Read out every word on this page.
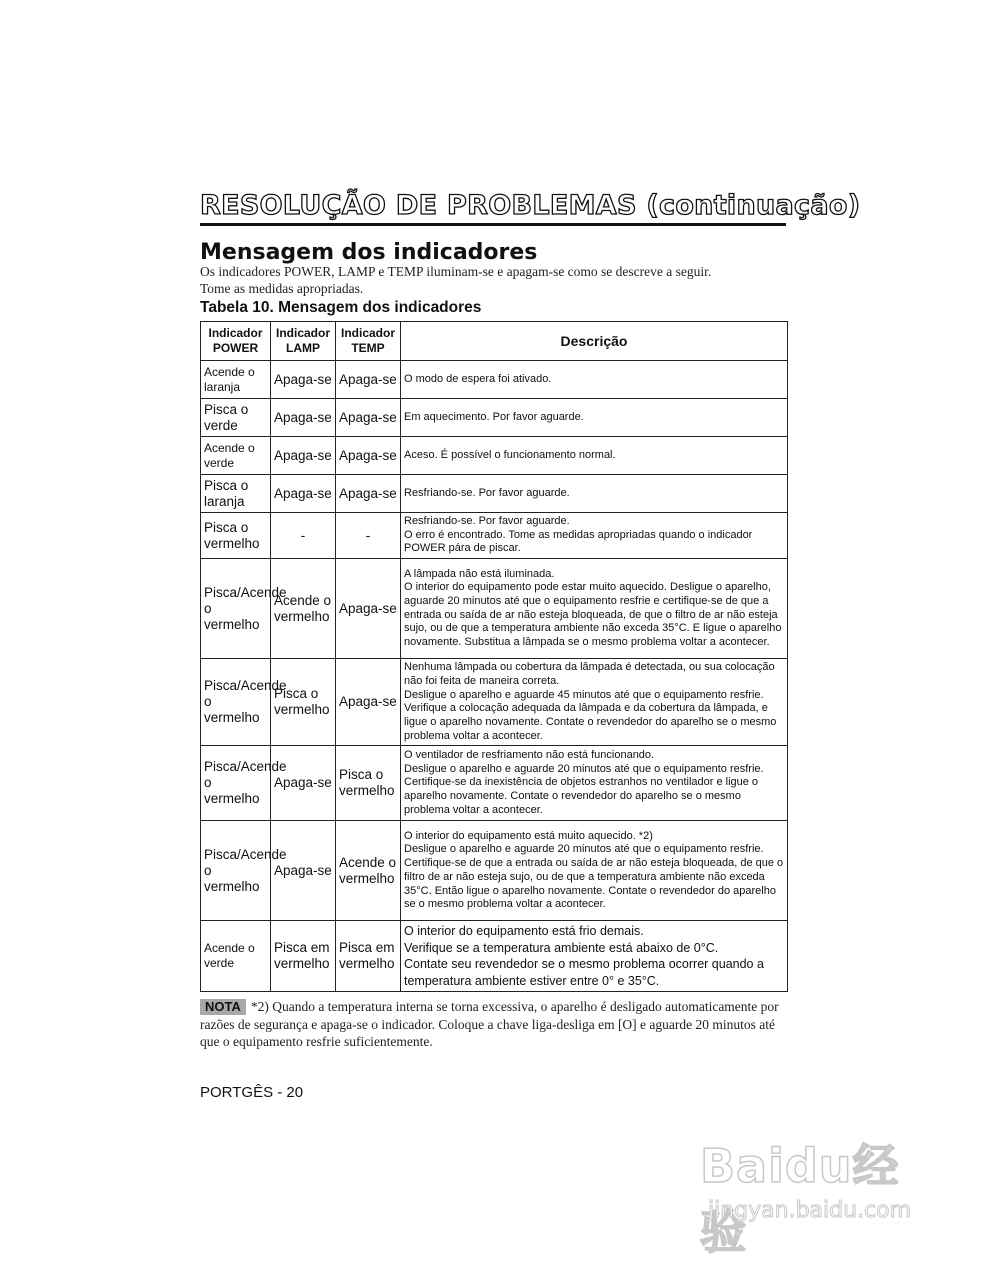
RESOLUÇÃO DE PROBLEMAS (continuação)
Mensagem dos indicadores

Os indicadores POWER, LAMP e TEMP iluminam-se e apagam-se como se descreve a seguir.

Tome as medidas apropriadas.

Tabela 10. Mensagem dos indicadores
Indicador POWER	Indicador LAMP	Indicador TEMP	Descrição
Acende o laranja	Apaga-se	Apaga-se	O modo de espera foi ativado.
Pisca o verde	Apaga-se	Apaga-se	Em aquecimento. Por favor aguarde.
Acende o verde	Apaga-se	Apaga-se	Aceso. É possível o funcionamento normal.
Pisca o laranja	Apaga-se	Apaga-se	Resfriando-se. Por favor aguarde.
Pisca o vermelho	-	-	Resfriando-se. Por favor aguarde.
O erro é encontrado. Tome as medidas apropriadas quando o indicador POWER pára de piscar.
Pisca/Acende o vermelho	Acende o vermelho	Apaga-se	A lâmpada não está iluminada.
O interior do equipamento pode estar muito aquecido. Desligue o aparelho, aguarde 20 minutos até que o equipamento resfrie e certifique-se de que a entrada ou saída de ar não esteja bloqueada, de que o filtro de ar não esteja sujo, ou de que a temperatura ambiente não exceda 35°C. E ligue o aparelho novamente. Substitua a lâmpada se o mesmo problema voltar a acontecer.
Pisca/Acende o vermelho	Pisca o vermelho	Apaga-se	Nenhuma lâmpada ou cobertura da lâmpada é detectada, ou sua colocação não foi feita de maneira correta.
Desligue o aparelho e aguarde 45 minutos até que o equipamento resfrie. Verifique a colocação adequada da lâmpada e da cobertura da lâmpada, e ligue o aparelho novamente. Contate o revendedor do aparelho se o mesmo problema voltar a acontecer.
Pisca/Acende o vermelho	Apaga-se	Pisca o vermelho	O ventilador de resfriamento não está funcionando.
Desligue o aparelho e aguarde 20 minutos até que o equipamento resfrie. Certifique-se da inexistência de objetos estranhos no ventilador e ligue o aparelho novamente. Contate o revendedor do aparelho se o mesmo problema voltar a acontecer.
Pisca/Acende o vermelho	Apaga-se	Acende o vermelho	O interior do equipamento está muito aquecido. *2)
Desligue o aparelho e aguarde 20 minutos até que o equipamento resfrie. Certifique-se de que a entrada ou saída de ar não esteja bloqueada, de que o filtro de ar não esteja sujo, ou de que a temperatura ambiente não exceda 35°C. Então ligue o aparelho novamente. Contate o revendedor do aparelho se o mesmo problema voltar a acontecer.
Acende o verde	Pisca em vermelho	Pisca em vermelho	O interior do equipamento está frio demais.
Verifique se a temperatura ambiente está abaixo de 0°C.
Contate seu revendedor se o mesmo problema ocorrer quando a temperatura ambiente estiver entre 0° e 35°C.
NOTA *2) Quando a temperatura interna se torna excessiva, o aparelho é desligado automaticamente por razões de segurança e apaga-se o indicador. Coloque a chave liga-desliga em [O] e aguarde 20 minutos até que o equipamento resfrie suficientemente.
PORTGÊS - 20
Baidu经验
jingyan.baidu.com
